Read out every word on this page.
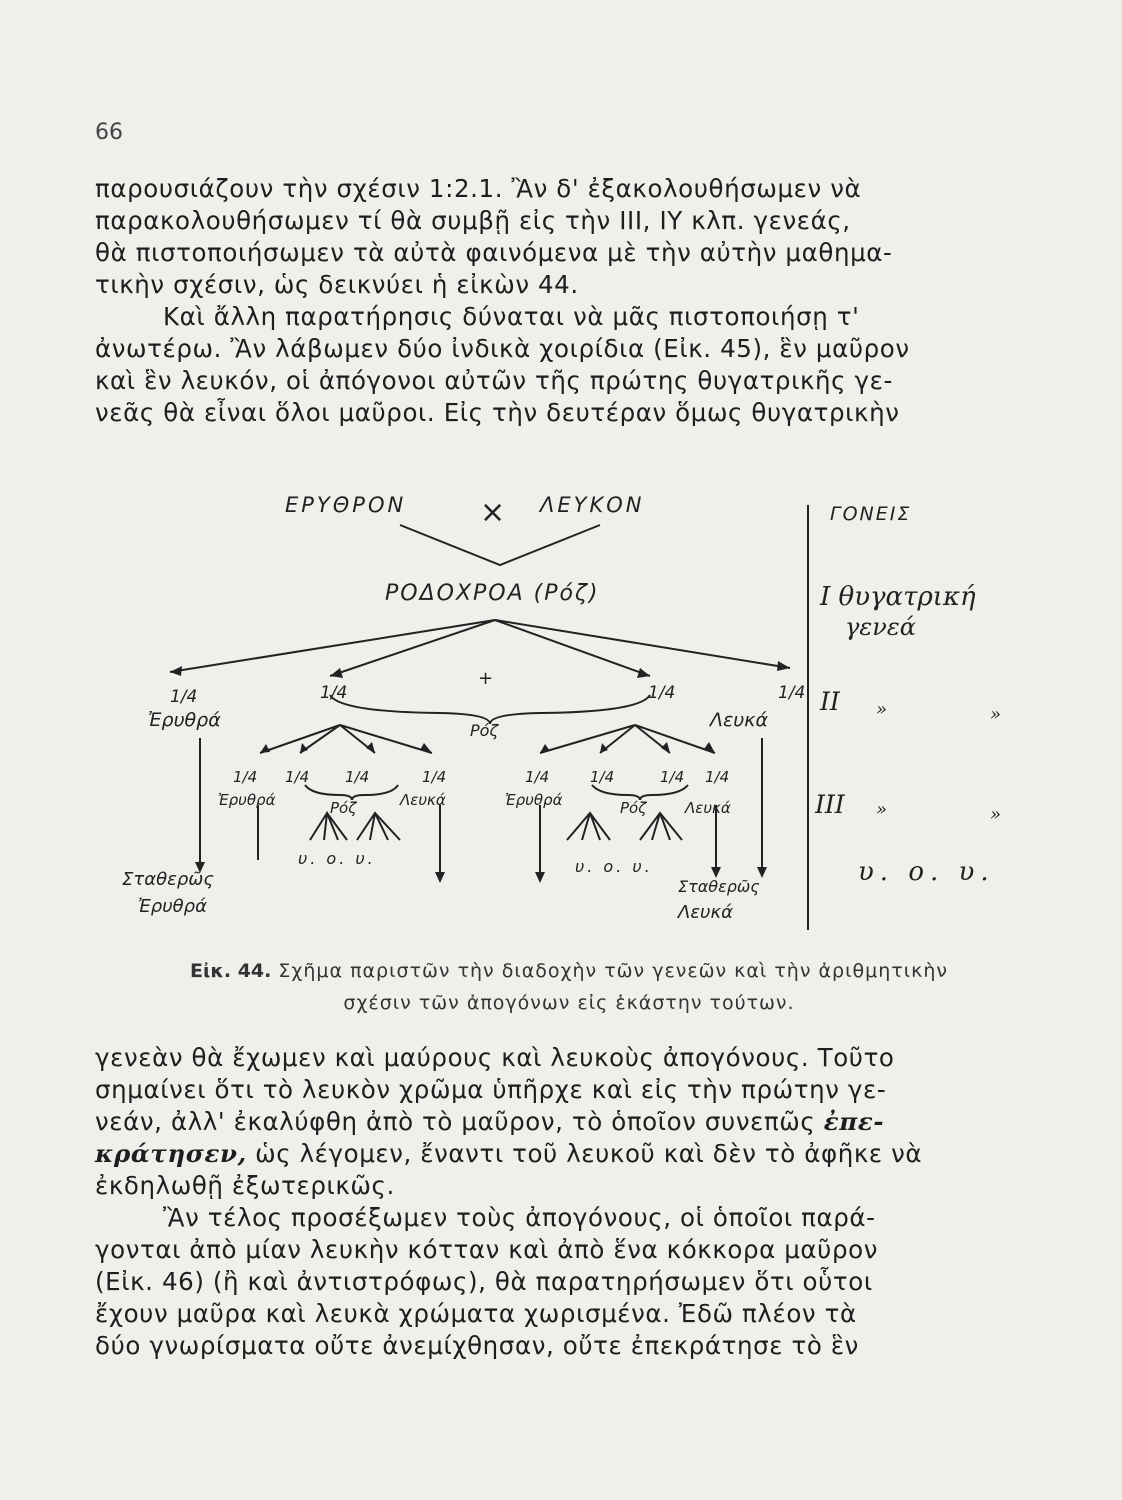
66
παρουσιάζουν τὴν σχέσιν 1:2.1. Ἂν δ' ἐξακολουθήσωμεν νὰ
παρακολουθήσωμεν τί θὰ συμβῇ εἰς τὴν ΙΙΙ, ΙΥ κλπ. γενεάς,
θὰ πιστοποιήσωμεν τὰ αὐτὰ φαινόμενα μὲ τὴν αὐτὴν μαθημα-
τικὴν σχέσιν, ὡς δεικνύει ἡ εἰκὼν 44.
Καὶ ἄλλη παρατήρησις δύναται νὰ μᾶς πιστοποιήσῃ τ'
ἀνωτέρω. Ἂν λάβωμεν δύο ἰνδικὰ χοιρίδια (Εἰκ. 45), ἓν μαῦρον
καὶ ἓν λευκόν, οἱ ἀπόγονοι αὐτῶν τῆς πρώτης θυγατρικῆς γε-
νεᾶς θὰ εἶναι ὅλοι μαῦροι. Εἰς τὴν δευτέραν ὅμως θυγατρικὴν
ΕΡΥΘΡΟΝ × ΛΕΥΚΟΝ
ΡΟΔΟΧΡΟΑ (Ρόζ)
+
1/4	1/4	1/4	1/4
Ἐρυθρά	Ρόζ	Λευκά
1/4 1/4 1/4	1/4	1/4	1/4	1/4 1/4
Ἐρυθρά	Ρόζ	Λευκά	Ἐρυθρά	Ρόζ	Λευκά
υ. ο. υ.	υ. ο. υ.
Σταθερῶς
Ἐρυθρά
Σταθερῶς
Λευκά
ΓΟΝΕΙΣ
I θυγατρική
γενεά
II »	»
III »	»
υ. ο. υ.
Εἰκ. 44. Σχῆμα παριστῶν τὴν διαδοχὴν τῶν γενεῶν καὶ τὴν ἀριθμητικὴν
σχέσιν τῶν ἀπογόνων εἰς ἑκάστην τούτων.
γενεὰν θὰ ἔχωμεν καὶ μαύρους καὶ λευκοὺς ἀπογόνους. Τοῦτο
σημαίνει ὅτι τὸ λευκὸν χρῶμα ὑπῆρχε καὶ εἰς τὴν πρώτην γε-
νεάν, ἀλλ' ἐκαλύφθη ἀπὸ τὸ μαῦρον, τὸ ὁποῖον συνεπῶς ἐπε-
κράτησεν, ὡς λέγομεν, ἔναντι τοῦ λευκοῦ καὶ δὲν τὸ ἀφῆκε νὰ
ἐκδηλωθῇ ἐξωτερικῶς.
Ἂν τέλος προσέξωμεν τοὺς ἀπογόνους, οἱ ὁποῖοι παρά-
γονται ἀπὸ μίαν λευκὴν κότταν καὶ ἀπὸ ἕνα κόκκορα μαῦρον
(Εἰκ. 46) (ἢ καὶ ἀντιστρόφως), θὰ παρατηρήσωμεν ὅτι οὗτοι
ἔχουν μαῦρα καὶ λευκὰ χρώματα χωρισμένα. Ἐδῶ πλέον τὰ
δύο γνωρίσματα οὔτε ἀνεμίχθησαν, οὔτε ἐπεκράτησε τὸ ἓν
